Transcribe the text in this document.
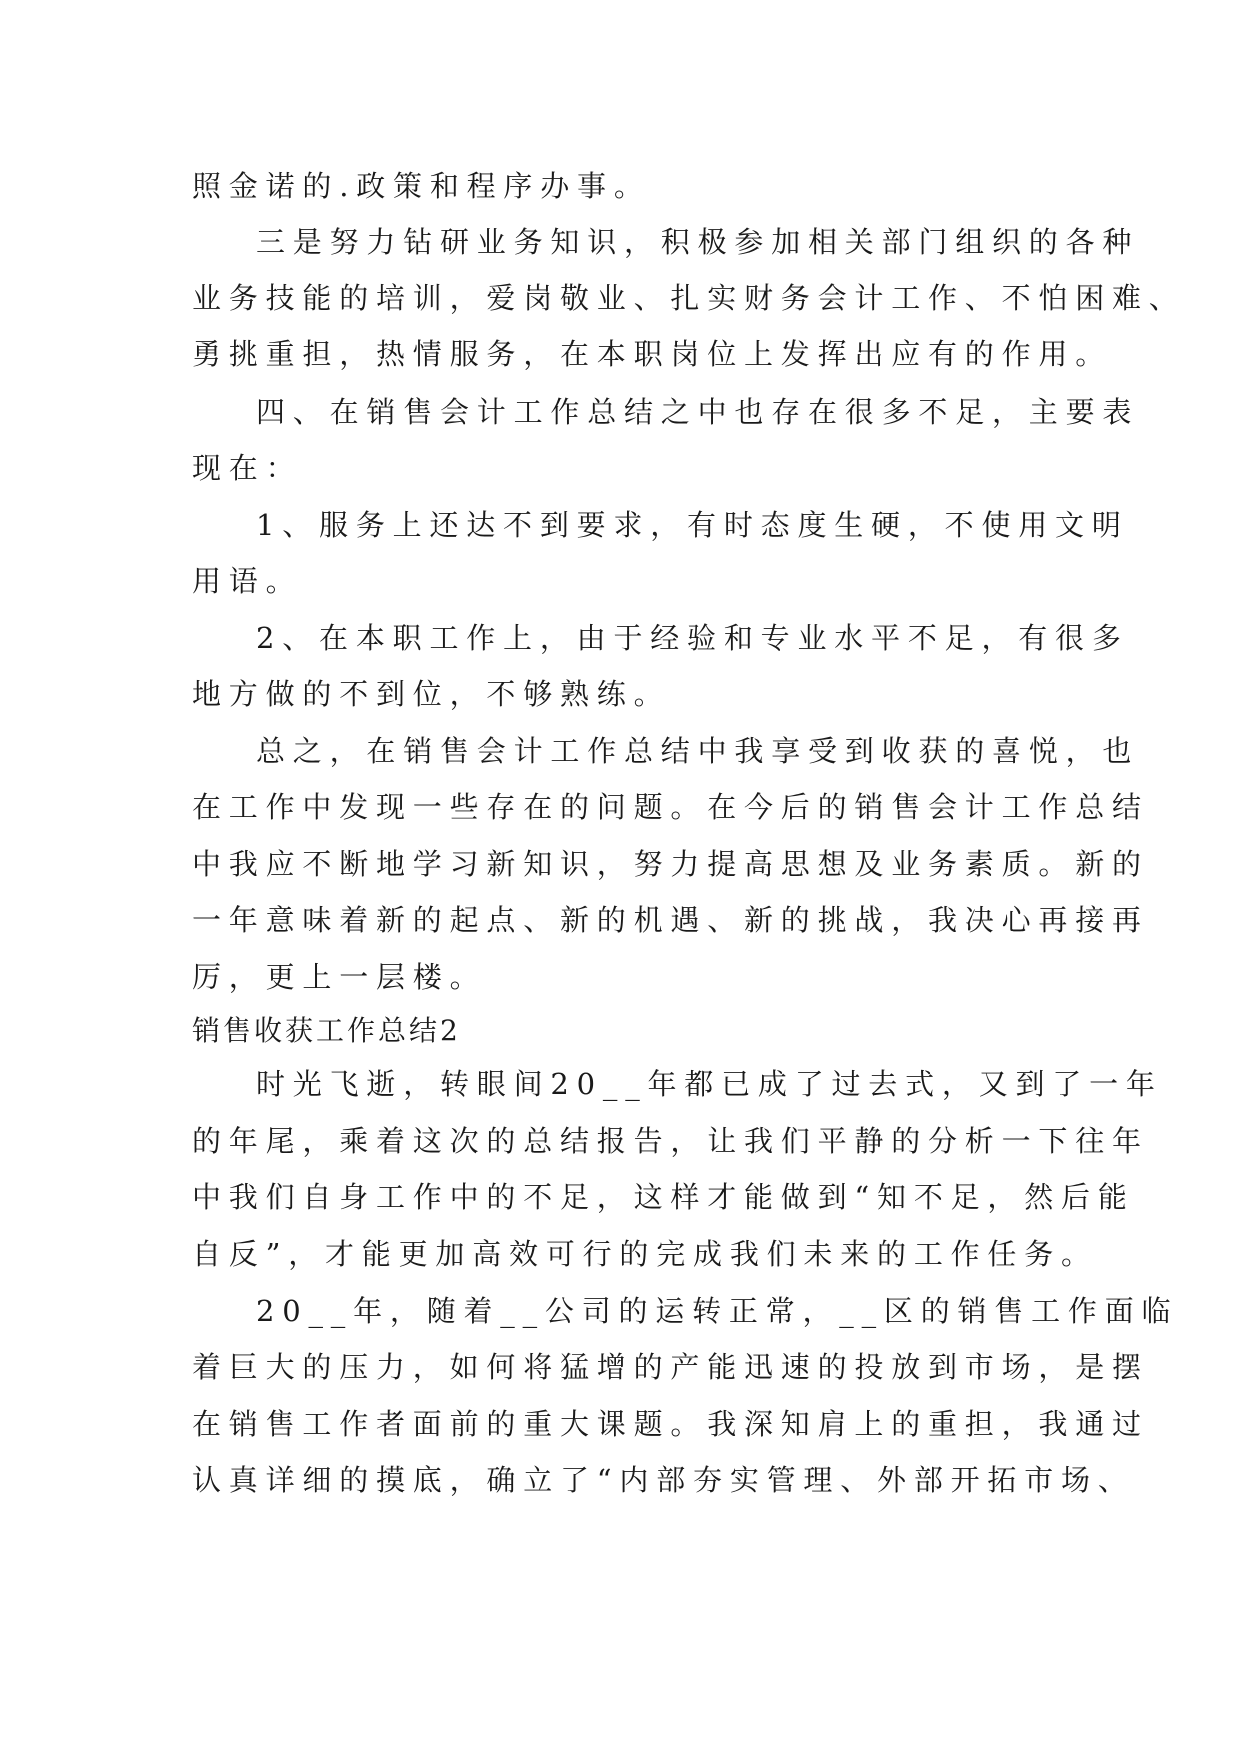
照金诺的.政策和程序办事。
三是努力钻研业务知识，积极参加相关部门组织的各种
业务技能的培训，爱岗敬业、扎实财务会计工作、不怕困难、
勇挑重担，热情服务，在本职岗位上发挥出应有的作用。
四、在销售会计工作总结之中也存在很多不足，主要表
现在：
1、服务上还达不到要求，有时态度生硬，不使用文明
用语。
2、在本职工作上，由于经验和专业水平不足，有很多
地方做的不到位，不够熟练。
总之，在销售会计工作总结中我享受到收获的喜悦，也
在工作中发现一些存在的问题。在今后的销售会计工作总结
中我应不断地学习新知识，努力提高思想及业务素质。新的
一年意味着新的起点、新的机遇、新的挑战，我决心再接再
厉，更上一层楼。
销售收获工作总结2
时光飞逝，转眼间20__年都已成了过去式，又到了一年
的年尾，乘着这次的总结报告，让我们平静的分析一下往年
中我们自身工作中的不足，这样才能做到“知不足，然后能
自反”，才能更加高效可行的完成我们未来的工作任务。
20__年，随着__公司的运转正常，__区的销售工作面临
着巨大的压力，如何将猛增的产能迅速的投放到市场，是摆
在销售工作者面前的重大课题。我深知肩上的重担，我通过
认真详细的摸底，确立了“内部夯实管理、外部开拓市场、
